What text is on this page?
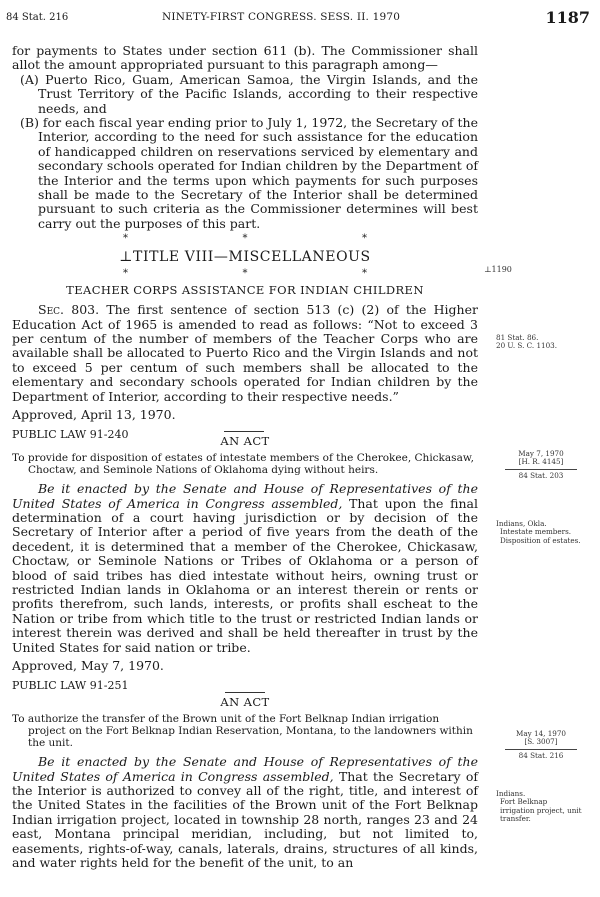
84 Stat. 216	NINETY-FIRST CONGRESS. SESS. II. 1970	1187

for payments to States under section 611 (b). The Commissioner shall allot the amount appropriated pursuant to this paragraph among—

(A) Puerto Rico, Guam, American Samoa, the Virgin Islands, and the Trust Territory of the Pacific Islands, according to their respective needs, and

(B) for each fiscal year ending prior to July 1, 1972, the Secretary of the Interior, according to the need for such assistance for the education of handicapped children on reservations serviced by elementary and secondary schools operated for Indian children by the Department of the Interior and the terms upon which payments for such purposes shall be made to the Secretary of the Interior shall be determined pursuant to such criteria as the Commissioner determines will best carry out the purposes of this part.

*	*	*
⊥TITLE VIII—MISCELLANEOUS
*	*	*
TEACHER CORPS ASSISTANCE FOR INDIAN CHILDREN

Sec. 803. The first sentence of section 513 (c) (2) of the Higher Education Act of 1965 is amended to read as follows: “Not to exceed 3 per centum of the number of members of the Teacher Corps who are available shall be allocated to Puerto Rico and the Virgin Islands and not to exceed 5 per centum of such members shall be allocated to the elementary and secondary schools operated for Indian children by the Department of Interior, according to their respective needs.”

Approved, April 13, 1970.

PUBLIC LAW 91-240	AN ACT
To provide for disposition of estates of intestate members of the Cherokee, Chickasaw, Choctaw, and Seminole Nations of Oklahoma dying without heirs.

Be it enacted by the Senate and House of Representatives of the United States of America in Congress assembled, That upon the final determination of a court having jurisdiction or by decision of the Secretary of Interior after a period of five years from the death of the decedent, it is determined that a member of the Cherokee, Chickasaw, Choctaw, or Seminole Nations or Tribes of Oklahoma or a person of blood of said tribes has died intestate without heirs, owning trust or restricted Indian lands in Oklahoma or an interest therein or rents or profits therefrom, such lands, interests, or profits shall escheat to the Nation or tribe from which title to the trust or restricted Indian lands or interest therein was derived and shall be held thereafter in trust by the United States for said nation or tribe.

Approved, May 7, 1970.

PUBLIC LAW 91-251
AN ACT
To authorize the transfer of the Brown unit of the Fort Belknap Indian irrigation project on the Fort Belknap Indian Reservation, Montana, to the landowners within the unit.

Be it enacted by the Senate and House of Representatives of the United States of America in Congress assembled, That the Secretary of the Interior is authorized to convey all of the right, title, and interest of the United States in the facilities of the Brown unit of the Fort Belknap Indian irrigation project, located in township 28 north, ranges 23 and 24 east, Montana principal meridian, including, but not limited to, easements, rights-of-way, canals, laterals, drains, structures of all kinds, and water rights held for the benefit of the unit, to an

⊥1190
81 Stat. 86.
20 U. S. C. 1103.
May 7, 1970
[H. R. 4145]
84 Stat. 203
Indians, Okla.
Intestate members.
Disposition of estates.
May 14, 1970
[S. 3007]
84 Stat. 216
Indians.
Fort Belknap irrigation project, unit transfer.
